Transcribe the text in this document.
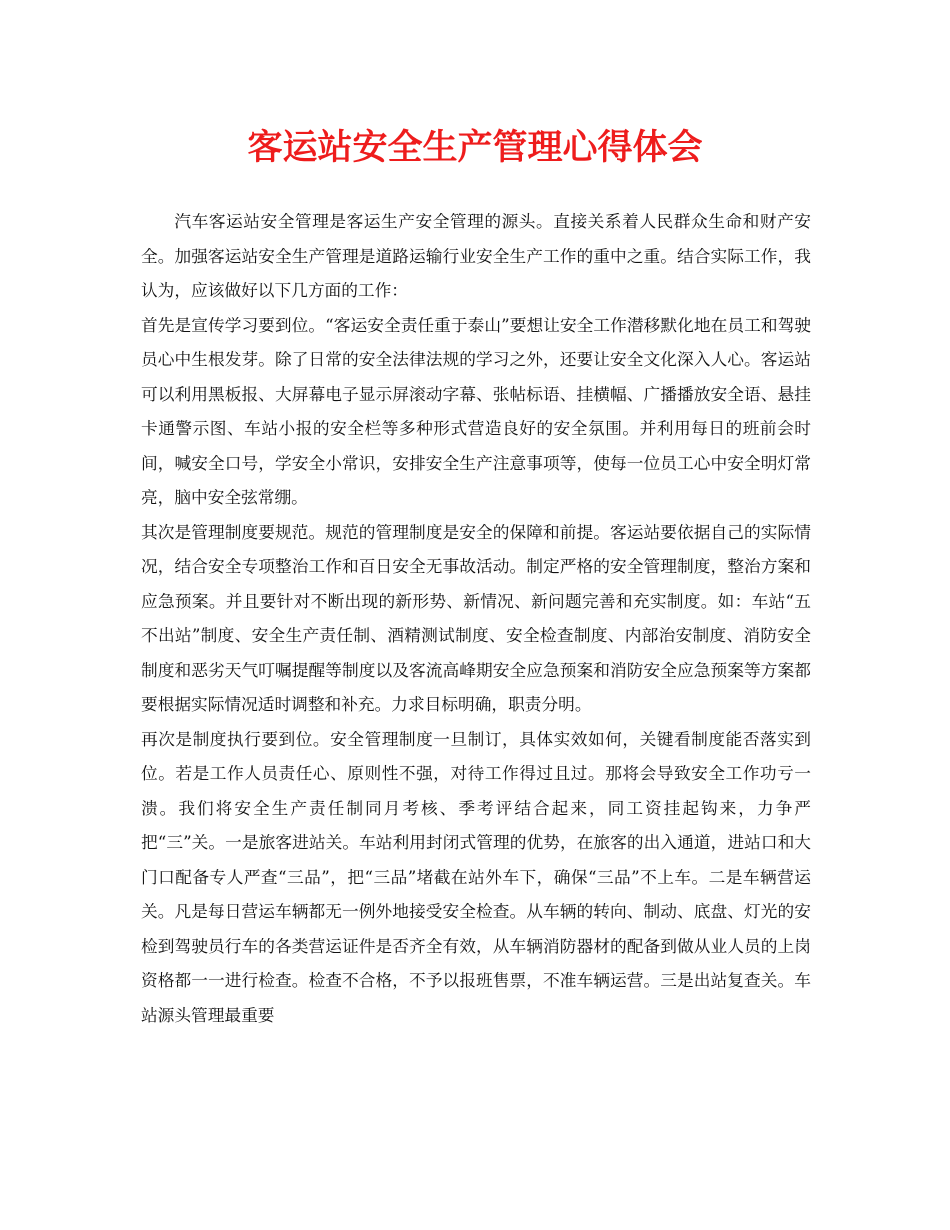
客运站安全生产管理心得体会

汽车客运站安全管理是客运生产安全管理的源头。直接关系着人民群众生命和财产安全。加强客运站安全生产管理是道路运输行业安全生产工作的重中之重。结合实际工作，我认为，应该做好以下几方面的工作：

首先是宣传学习要到位。“客运安全责任重于泰山”要想让安全工作潜移默化地在员工和驾驶员心中生根发芽。除了日常的安全法律法规的学习之外，还要让安全文化深入人心。客运站可以利用黑板报、大屏幕电子显示屏滚动字幕、张帖标语、挂横幅、广播播放安全语、悬挂卡通警示图、车站小报的安全栏等多种形式营造良好的安全氛围。并利用每日的班前会时间，喊安全口号，学安全小常识，安排安全生产注意事项等，使每一位员工心中安全明灯常亮，脑中安全弦常绷。

其次是管理制度要规范。规范的管理制度是安全的保障和前提。客运站要依据自己的实际情况，结合安全专项整治工作和百日安全无事故活动。制定严格的安全管理制度，整治方案和应急预案。并且要针对不断出现的新形势、新情况、新问题完善和充实制度。如：车站“五不出站”制度、安全生产责任制、酒精测试制度、安全检查制度、内部治安制度、消防安全制度和恶劣天气叮嘱提醒等制度以及客流高峰期安全应急预案和消防安全应急预案等方案都要根据实际情况适时调整和补充。力求目标明确，职责分明。

再次是制度执行要到位。安全管理制度一旦制订，具体实效如何，关键看制度能否落实到位。若是工作人员责任心、原则性不强，对待工作得过且过。那将会导致安全工作功亏一溃。我们将安全生产责任制同月考核、季考评结合起来，同工资挂起钩来，力争严把“三”关。一是旅客进站关。车站利用封闭式管理的优势，在旅客的出入通道，进站口和大门口配备专人严查“三品”，把“三品”堵截在站外车下，确保“三品”不上车。二是车辆营运关。凡是每日营运车辆都无一例外地接受安全检查。从车辆的转向、制动、底盘、灯光的安检到驾驶员行车的各类营运证件是否齐全有效，从车辆消防器材的配备到做从业人员的上岗资格都一一进行检查。检查不合格，不予以报班售票，不准车辆运营。三是出站复查关。车站源头管理最重要
